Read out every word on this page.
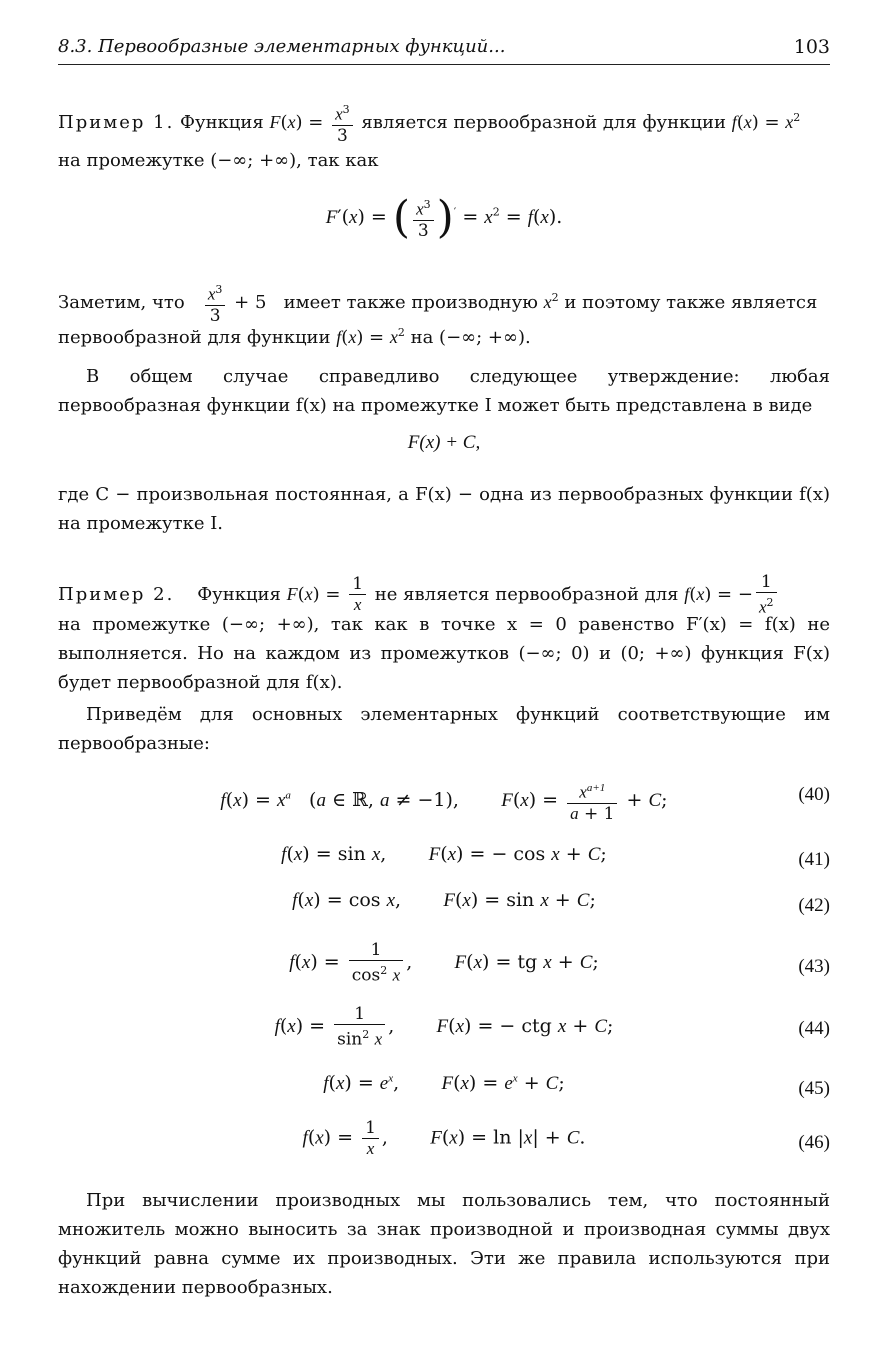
8.3. Первообразные элементарных функций...	103
Пример 1. Функция $F(x) = \frac{x^3}{3}$ является первообразной для функции $f(x) = x^2$
на промежутке (−∞; +∞), так как
F′(x) = ( $\frac{x^3}{3} )' = x^2 = f(x)$.
Заметим, что $\frac{x^3}{3} + 5$   имеет также производную $x^2$ и поэтому также является
первообразной для функции $f(x) = x^2$ на (−∞; +∞).
В общем случае справедливо следующее утверждение: любая первообразная функции f(x) на промежутке I может быть представлена в виде
F(x) + C,
где C − произвольная постоянная, а F(x) − одна из первообразных функции f(x) на промежутке I.
Пример 2. Функция $F(x) = \frac{1}{x}$ не является первообразной для f(x) = − $\frac{1}{x^2}$
на промежутке (−∞; +∞), так как в точке x = 0 равенство F′(x) = f(x) не выполняется. Но на каждом из промежутков (−∞; 0) и (0; +∞) функция F(x) будет первообразной для f(x).
Приведём для основных элементарных функций соответствующие им первообразные:
$f(x) = x^a$   (a ∈ ℝ, a ≠ −1),       $F(x) = \frac{x^{a+1}}{a + 1} + C$;	(40)
f(x) = sin x,       F(x) = − cos x + C;	(41)
f(x) = cos x,       F(x) = sin x + C;	(42)
$f(x) = \frac{1}{\cos^2 x}$ ,       F(x) = tg x + C;	(43)
$f(x) = \frac{1}{\sin^2 x}$ ,       F(x) = − ctg x + C;	(44)
$f(x) = e^x$,       $F(x) = e^x + C$;	(45)
$f(x) = \frac{1}{x}$ ,       F(x) = ln |x| + C.	(46)
При вычислении производных мы пользовались тем, что постоянный множитель можно выносить за знак производной и производная суммы двух функций равна сумме их производных. Эти же правила используются при нахождении первообразных.
